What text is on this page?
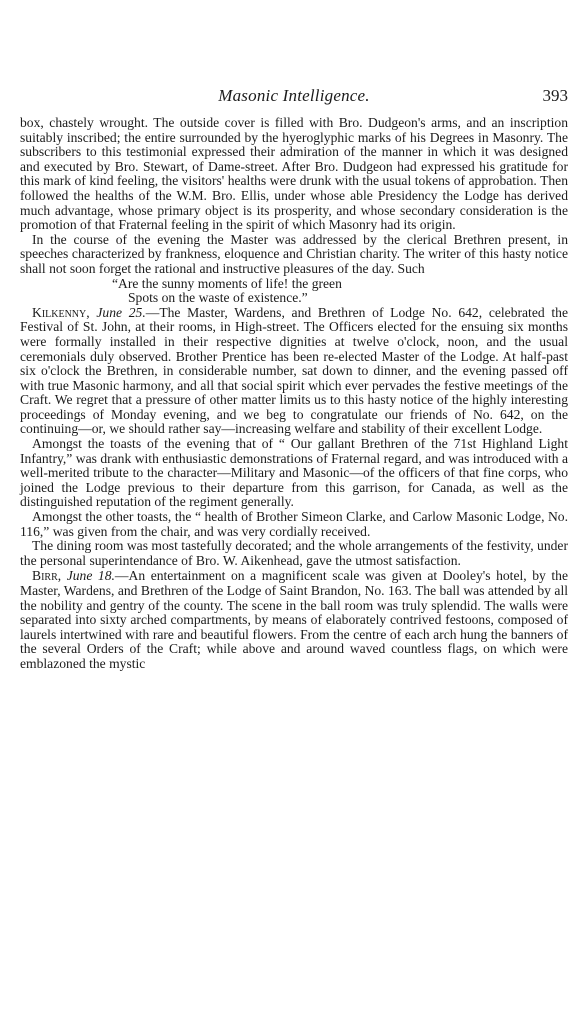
Masonic Intelligence.	393

box, chastely wrought. The outside cover is filled with Bro. Dudgeon's arms, and an inscription suitably inscribed; the entire surrounded by the hyeroglyphic marks of his Degrees in Masonry. The subscribers to this testimonial expressed their admiration of the manner in which it was designed and executed by Bro. Stewart, of Dame-street. After Bro. Dudgeon had expressed his gratitude for this mark of kind feeling, the visitors' healths were drunk with the usual tokens of approbation. Then followed the healths of the W.M. Bro. Ellis, under whose able Presidency the Lodge has derived much advantage, whose primary object is its prosperity, and whose secondary consideration is the promotion of that Fraternal feeling in the spirit of which Masonry had its origin.

In the course of the evening the Master was addressed by the clerical Brethren present, in speeches characterized by frankness, eloquence and Christian charity. The writer of this hasty notice shall not soon forget the rational and instructive pleasures of the day. Such

“Are the sunny moments of life! the green
Spots on the waste of existence.”

Kilkenny, June 25.—The Master, Wardens, and Brethren of Lodge No. 642, celebrated the Festival of St. John, at their rooms, in High-street. The Officers elected for the ensuing six months were formally installed in their respective dignities at twelve o'clock, noon, and the usual ceremonials duly observed. Brother Prentice has been re-elected Master of the Lodge. At half-past six o'clock the Brethren, in considerable number, sat down to dinner, and the evening passed off with true Masonic harmony, and all that social spirit which ever pervades the festive meetings of the Craft. We regret that a pressure of other matter limits us to this hasty notice of the highly interesting proceedings of Monday evening, and we beg to congratulate our friends of No. 642, on the continuing—or, we should rather say—increasing welfare and stability of their excellent Lodge.

Amongst the toasts of the evening that of “ Our gallant Brethren of the 71st Highland Light Infantry,” was drank with enthusiastic demonstrations of Fraternal regard, and was introduced with a well-merited tribute to the character—Military and Masonic—of the officers of that fine corps, who joined the Lodge previous to their departure from this garrison, for Canada, as well as the distinguished reputation of the regiment generally.

Amongst the other toasts, the “ health of Brother Simeon Clarke, and Carlow Masonic Lodge, No. 116,” was given from the chair, and was very cordially received.

The dining room was most tastefully decorated; and the whole arrangements of the festivity, under the personal superintendance of Bro. W. Aikenhead, gave the utmost satisfaction.

Birr, June 18.—An entertainment on a magnificent scale was given at Dooley's hotel, by the Master, Wardens, and Brethren of the Lodge of Saint Brandon, No. 163. The ball was attended by all the nobility and gentry of the county. The scene in the ball room was truly splendid. The walls were separated into sixty arched compartments, by means of elaborately contrived festoons, composed of laurels intertwined with rare and beautiful flowers. From the centre of each arch hung the banners of the several Orders of the Craft; while above and around waved countless flags, on which were emblazoned the mystic
